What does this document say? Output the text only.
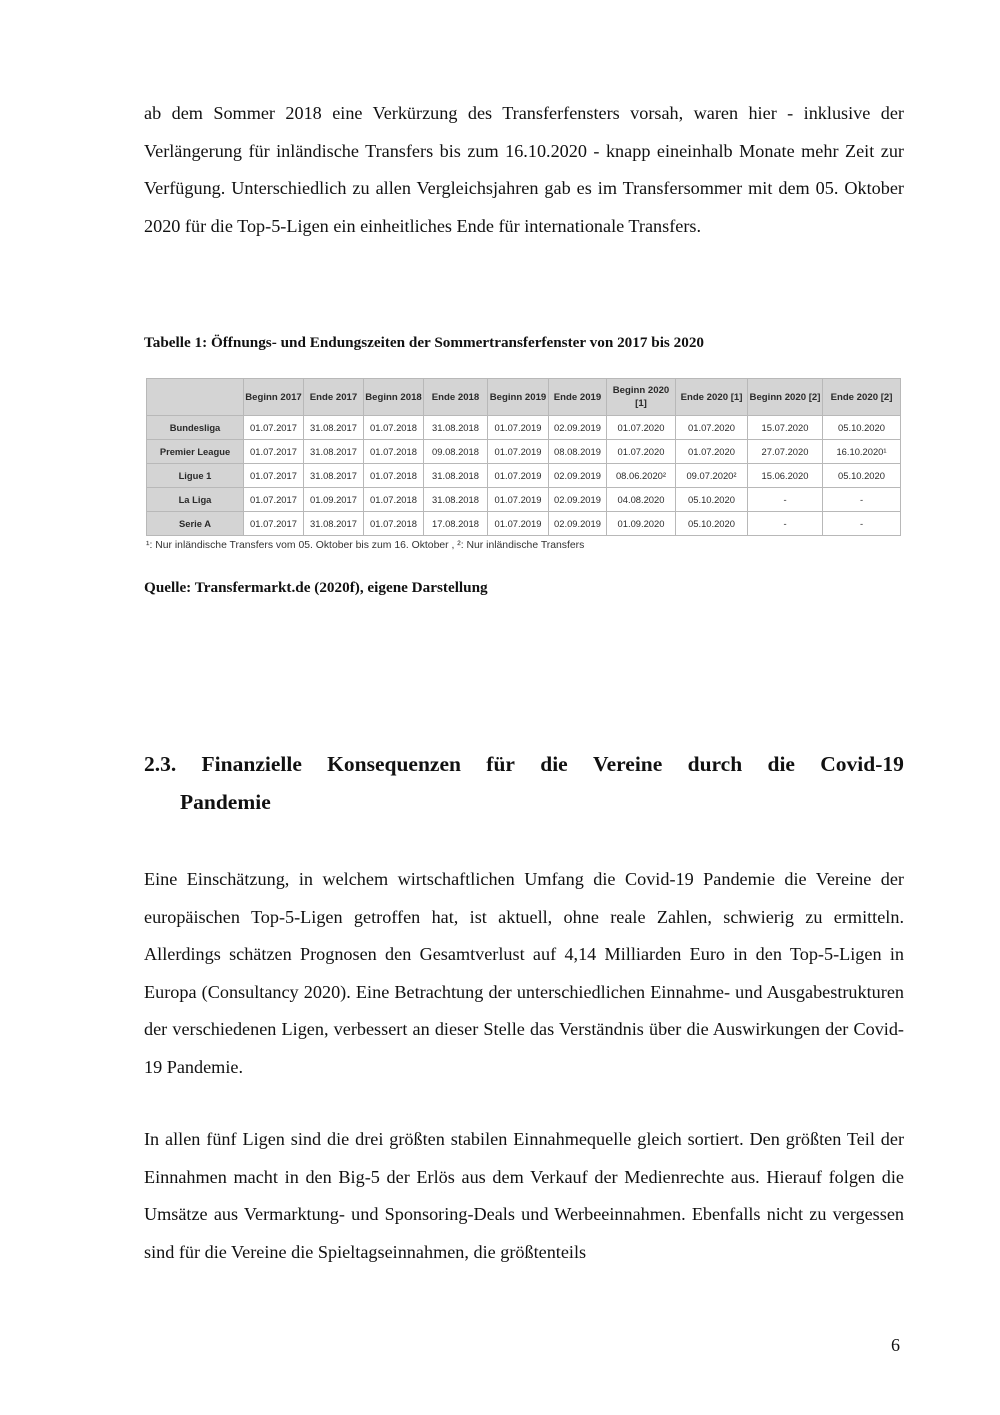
ab dem Sommer 2018 eine Verkürzung des Transferfensters vorsah, waren hier - inklusive der Verlängerung für inländische Transfers bis zum 16.10.2020 - knapp eineinhalb Monate mehr Zeit zur Verfügung. Unterschiedlich zu allen Vergleichsjahren gab es im Transfersommer mit dem 05. Oktober 2020 für die Top-5-Ligen ein einheitliches Ende für internationale Transfers.

Tabelle 1: Öffnungs- und Endungszeiten der Sommertransferfenster von 2017 bis 2020

	Beginn 2017	Ende 2017	Beginn 2018	Ende 2018	Beginn 2019	Ende 2019	Beginn 2020 [1]	Ende 2020 [1]	Beginn 2020 [2]	Ende 2020 [2]
Bundesliga	01.07.2017	31.08.2017	01.07.2018	31.08.2018	01.07.2019	02.09.2019	01.07.2020	01.07.2020	15.07.2020	05.10.2020
Premier League	01.07.2017	31.08.2017	01.07.2018	09.08.2018	01.07.2019	08.08.2019	01.07.2020	01.07.2020	27.07.2020	16.10.2020¹
Ligue 1	01.07.2017	31.08.2017	01.07.2018	31.08.2018	01.07.2019	02.09.2019	08.06.2020²	09.07.2020²	15.06.2020	05.10.2020
La Liga	01.07.2017	01.09.2017	01.07.2018	31.08.2018	01.07.2019	02.09.2019	04.08.2020	05.10.2020	-	-
Serie A	01.07.2017	31.08.2017	01.07.2018	17.08.2018	01.07.2019	02.09.2019	01.09.2020	05.10.2020	-	-
¹: Nur inländische Transfers vom 05. Oktober bis zum 16. Oktober , ²: Nur inländische Transfers

Quelle: Transfermarkt.de (2020f), eigene Darstellung

2.3. Finanzielle Konsequenzen für die Vereine durch die Covid-19
Pandemie

Eine Einschätzung, in welchem wirtschaftlichen Umfang die Covid-19 Pandemie die Vereine der europäischen Top-5-Ligen getroffen hat, ist aktuell, ohne reale Zahlen, schwierig zu ermitteln. Allerdings schätzen Prognosen den Gesamtverlust auf 4,14 Milliarden Euro in den Top-5-Ligen in Europa (Consultancy 2020). Eine Betrachtung der unterschiedlichen Einnahme- und Ausgabestrukturen der verschiedenen Ligen, verbessert an dieser Stelle das Verständnis über die Auswirkungen der Covid-19 Pandemie.

In allen fünf Ligen sind die drei größten stabilen Einnahmequelle gleich sortiert. Den größten Teil der Einnahmen macht in den Big-5 der Erlös aus dem Verkauf der Medienrechte aus. Hierauf folgen die Umsätze aus Vermarktung- und Sponsoring-Deals und Werbeeinnahmen. Ebenfalls nicht zu vergessen sind für die Vereine die Spieltagseinnahmen, die größtenteils

6
